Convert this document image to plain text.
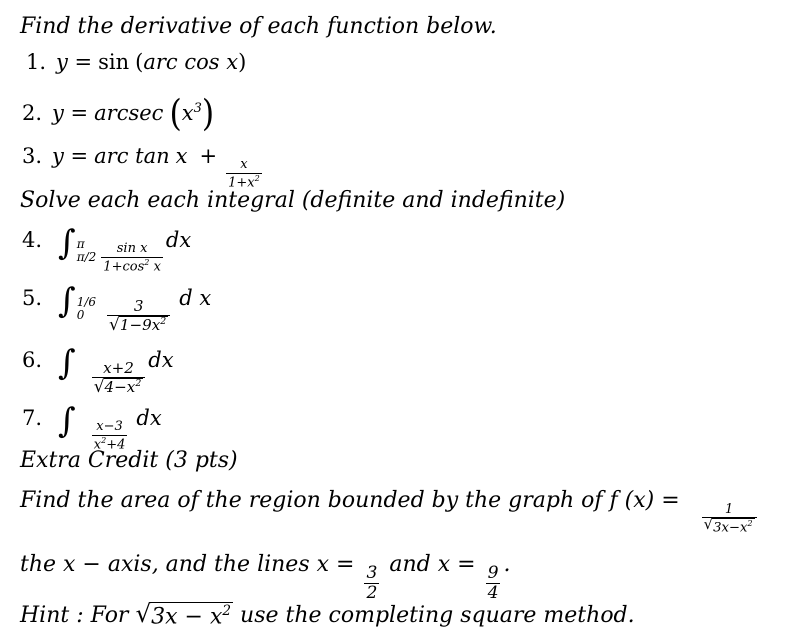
Find the derivative of each function below.
1. y = sin (arc cos x)
2. y = arcsec $(x^3)$
3. y = arc tan x +
$\frac{x}{1+x^2}$
Solve each each integral (definite and indefinite)
4. ∫ π
$\pi/2 \frac{\text{sin x}}{1+\cos^2 x}$
dx
5. ∫ 1/6
0	$\frac{3}{√ 1-9x^2}$
d x
6. ∫ $\frac{x+2}{√ 4-x^2}$
dx
7. ∫ $\frac{x-3}{x^2+4}$
dx
Extra Credit (3 pts)
Find the area of the region bounded by the graph of f (x) =
$\frac{1}{√ 3x-x^2}$
the x − axis, and the lines $x = \frac{3}{2}$ and $x = \frac{9}{4}$ .
Hint : For √ $3x - x^2$ use the completing square method.
